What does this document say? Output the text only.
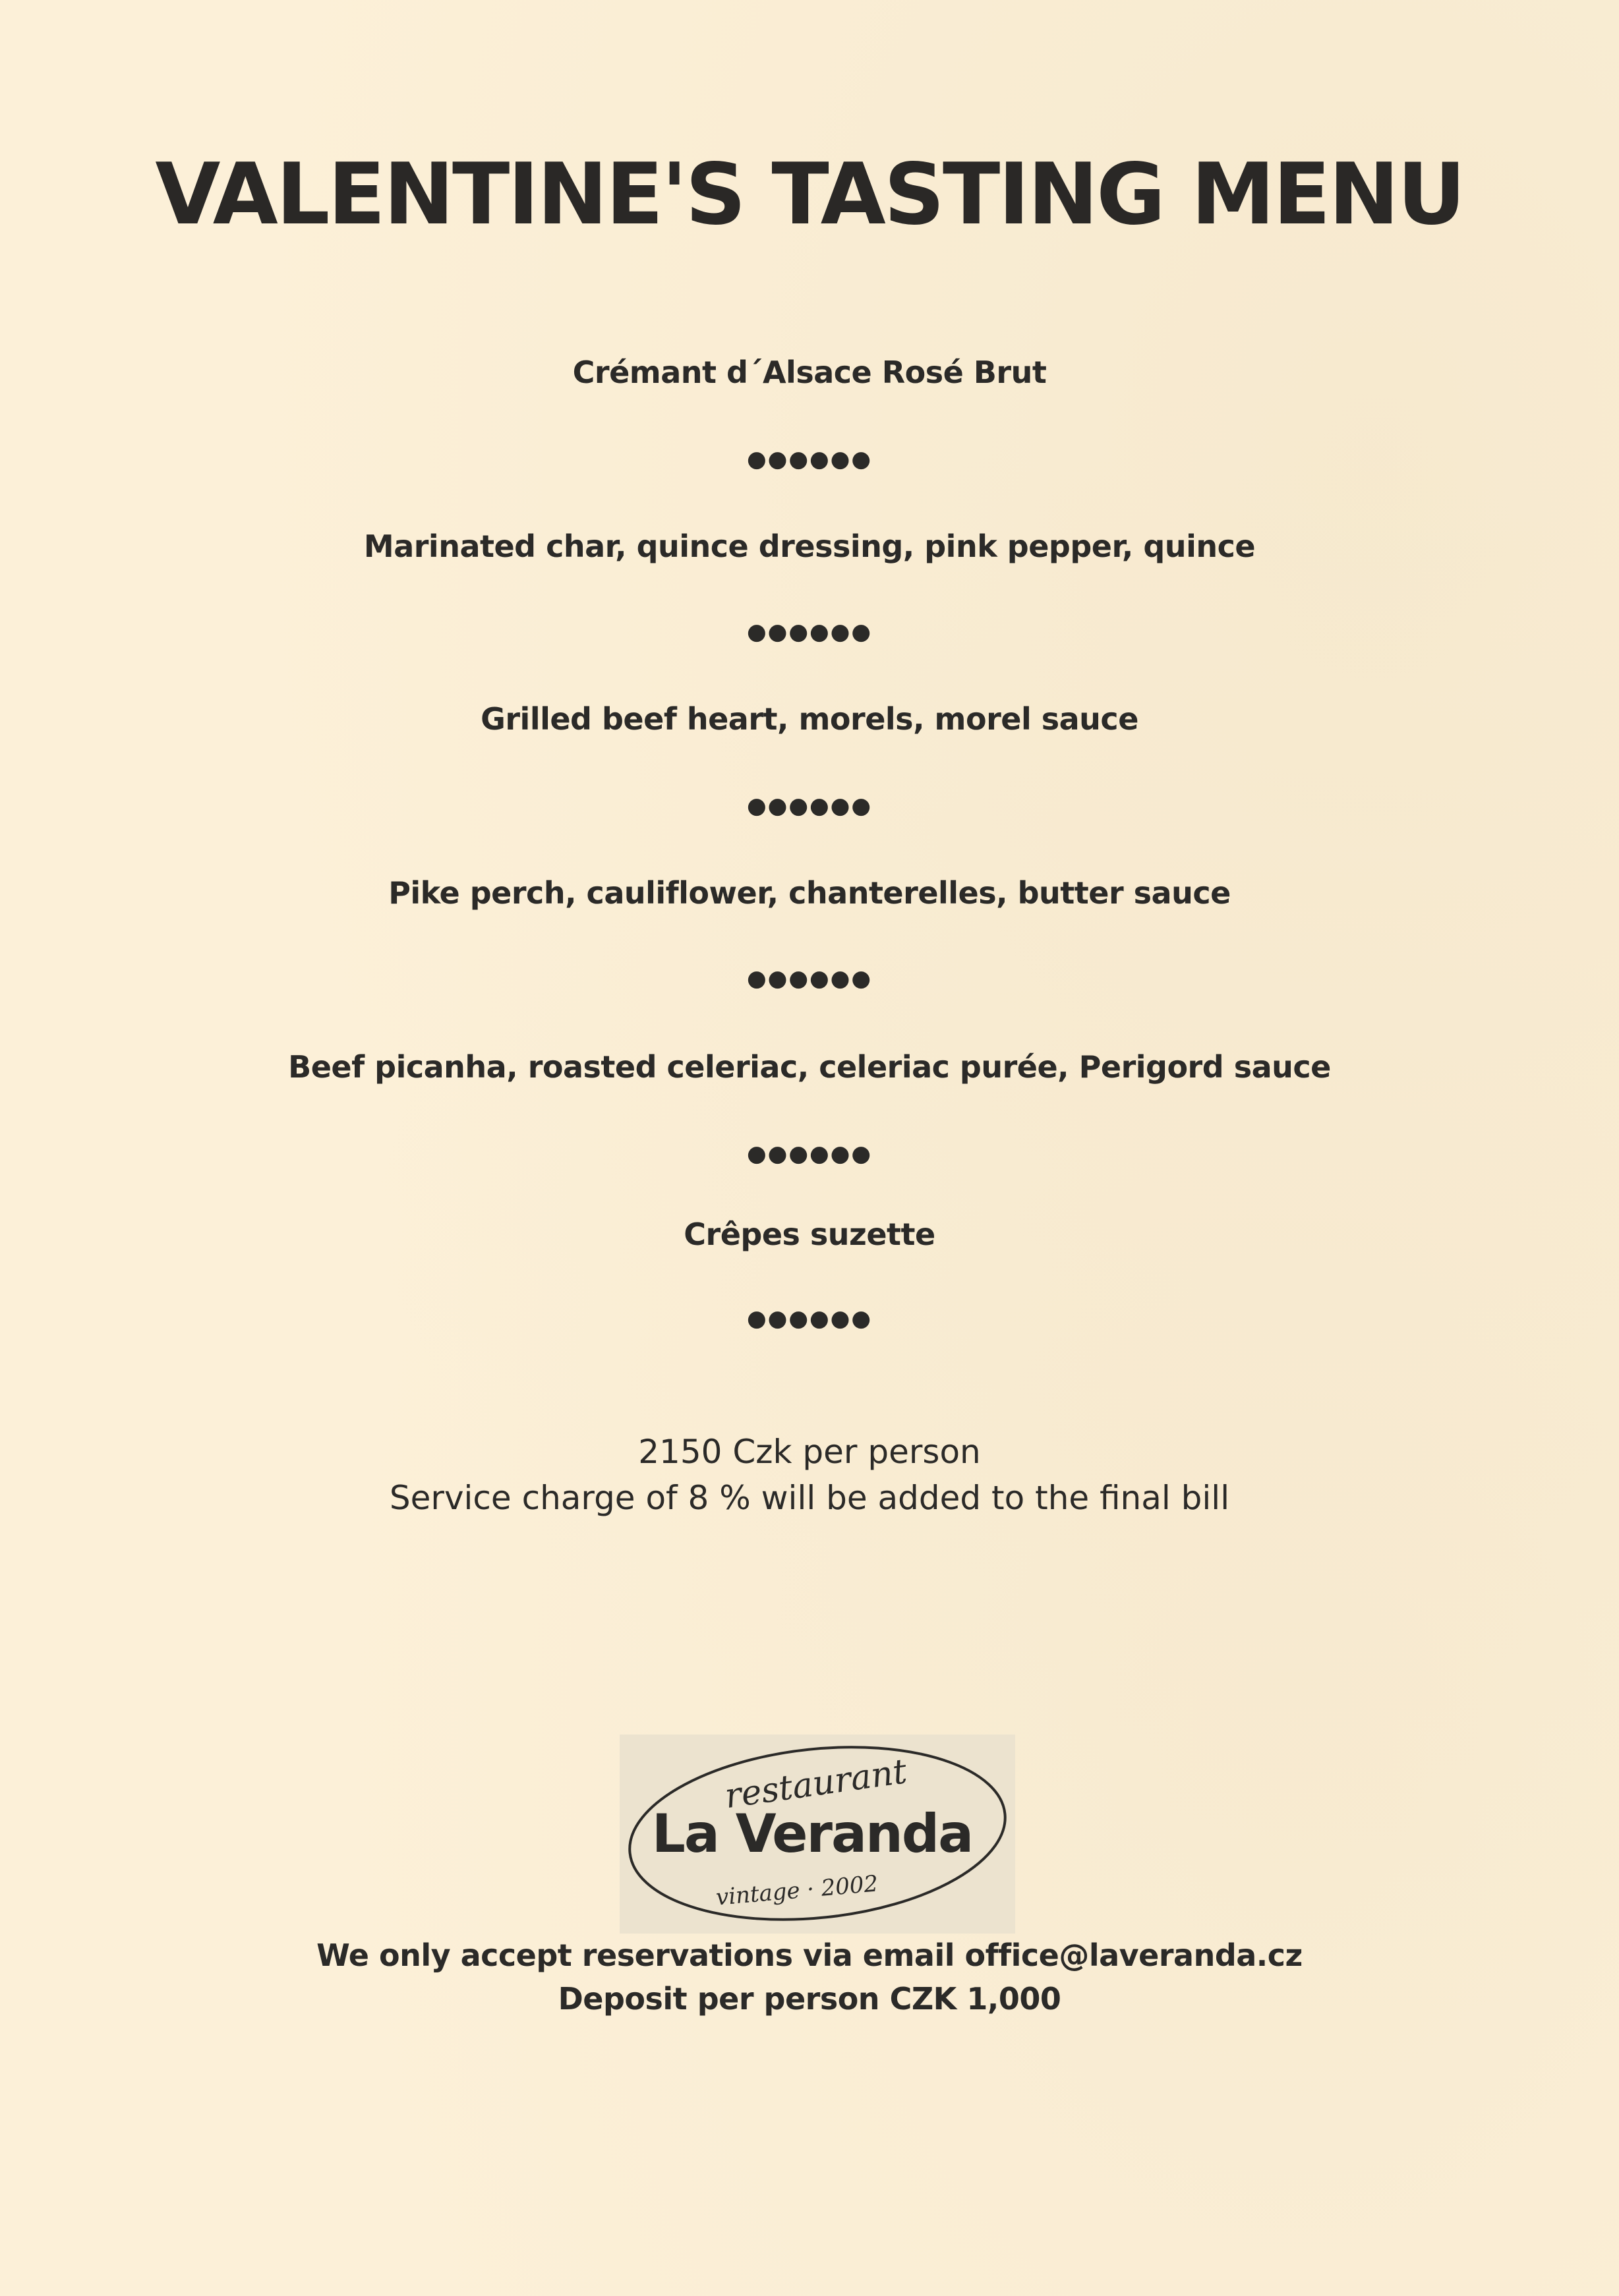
VALENTINE'S TASTING MENU
Crémant d´Alsace Rosé Brut
●●●●●●
Marinated char, quince dressing, pink pepper, quince
●●●●●●
Grilled beef heart, morels, morel sauce
●●●●●●
Pike perch, cauliflower, chanterelles, butter sauce
●●●●●●
Beef picanha, roasted celeriac, celeriac purée, Perigord sauce
●●●●●●
Crêpes suzette
●●●●●●
2150 Czk per person
Service charge of 8 % will be added to the final bill
restaurant
La Veranda
vintage · 2002
We only accept reservations via email office@laveranda.cz
Deposit per person CZK 1,000
